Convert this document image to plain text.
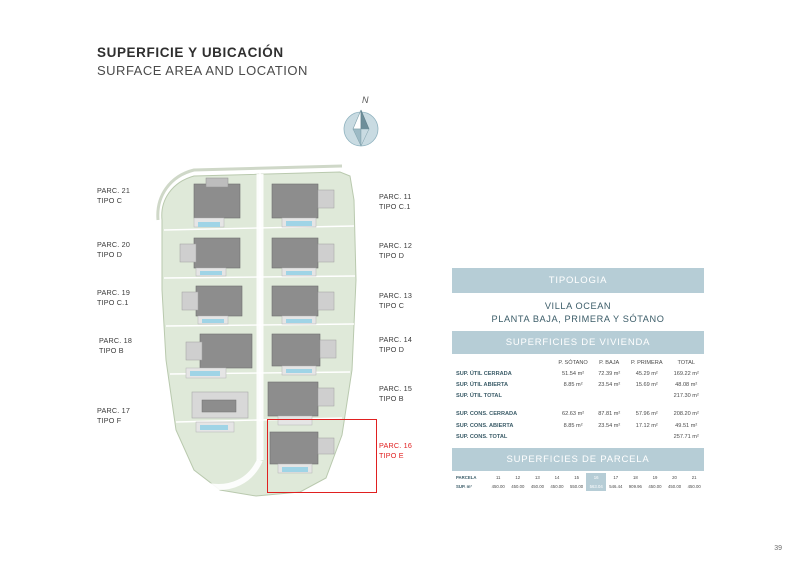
SUPERFICIE Y UBICACIÓN
SURFACE AREA AND LOCATION
N
PARC. 21
TIPO C
PARC. 20
TIPO D
PARC. 19
TIPO C.1
PARC. 18
TIPO B
PARC. 17
TIPO F
PARC. 11
TIPO C.1
PARC. 12
TIPO D
PARC. 13
TIPO C
PARC. 14
TIPO D
PARC. 15
TIPO B
PARC. 16
TIPO E
TIPOLOGIA
VILLA OCEAN
PLANTA BAJA, PRIMERA Y SÓTANO
SUPERFICIES DE VIVIENDA
	P. SÓTANO	P. BAJA	P. PRIMERA	TOTAL
SUP. ÚTIL CERRADA	51.54 m²	72.39 m²	45.29 m²	169.22 m²
SUP. ÚTIL ABIERTA	8.85 m²	23.54 m²	15.69 m²	48.08 m²
SUP. ÚTIL TOTAL				217.30 m²

SUP. CONS. CERRADA	62.63 m²	87.81 m²	57.96 m²	208.20 m²
SUP. CONS. ABIERTA	8.85 m²	23.54 m²	17.12 m²	49.51 m²
SUP. CONS. TOTAL				257.71 m²
SUPERFICIES DE PARCELA
PARCELA	11	12	13	14	15	16	17	18	19	20	21
SUP. m²	450.00	450.00	450.00	450.00	550.00	563.04	546.44	909.96	450.00	450.00	450.00
39
